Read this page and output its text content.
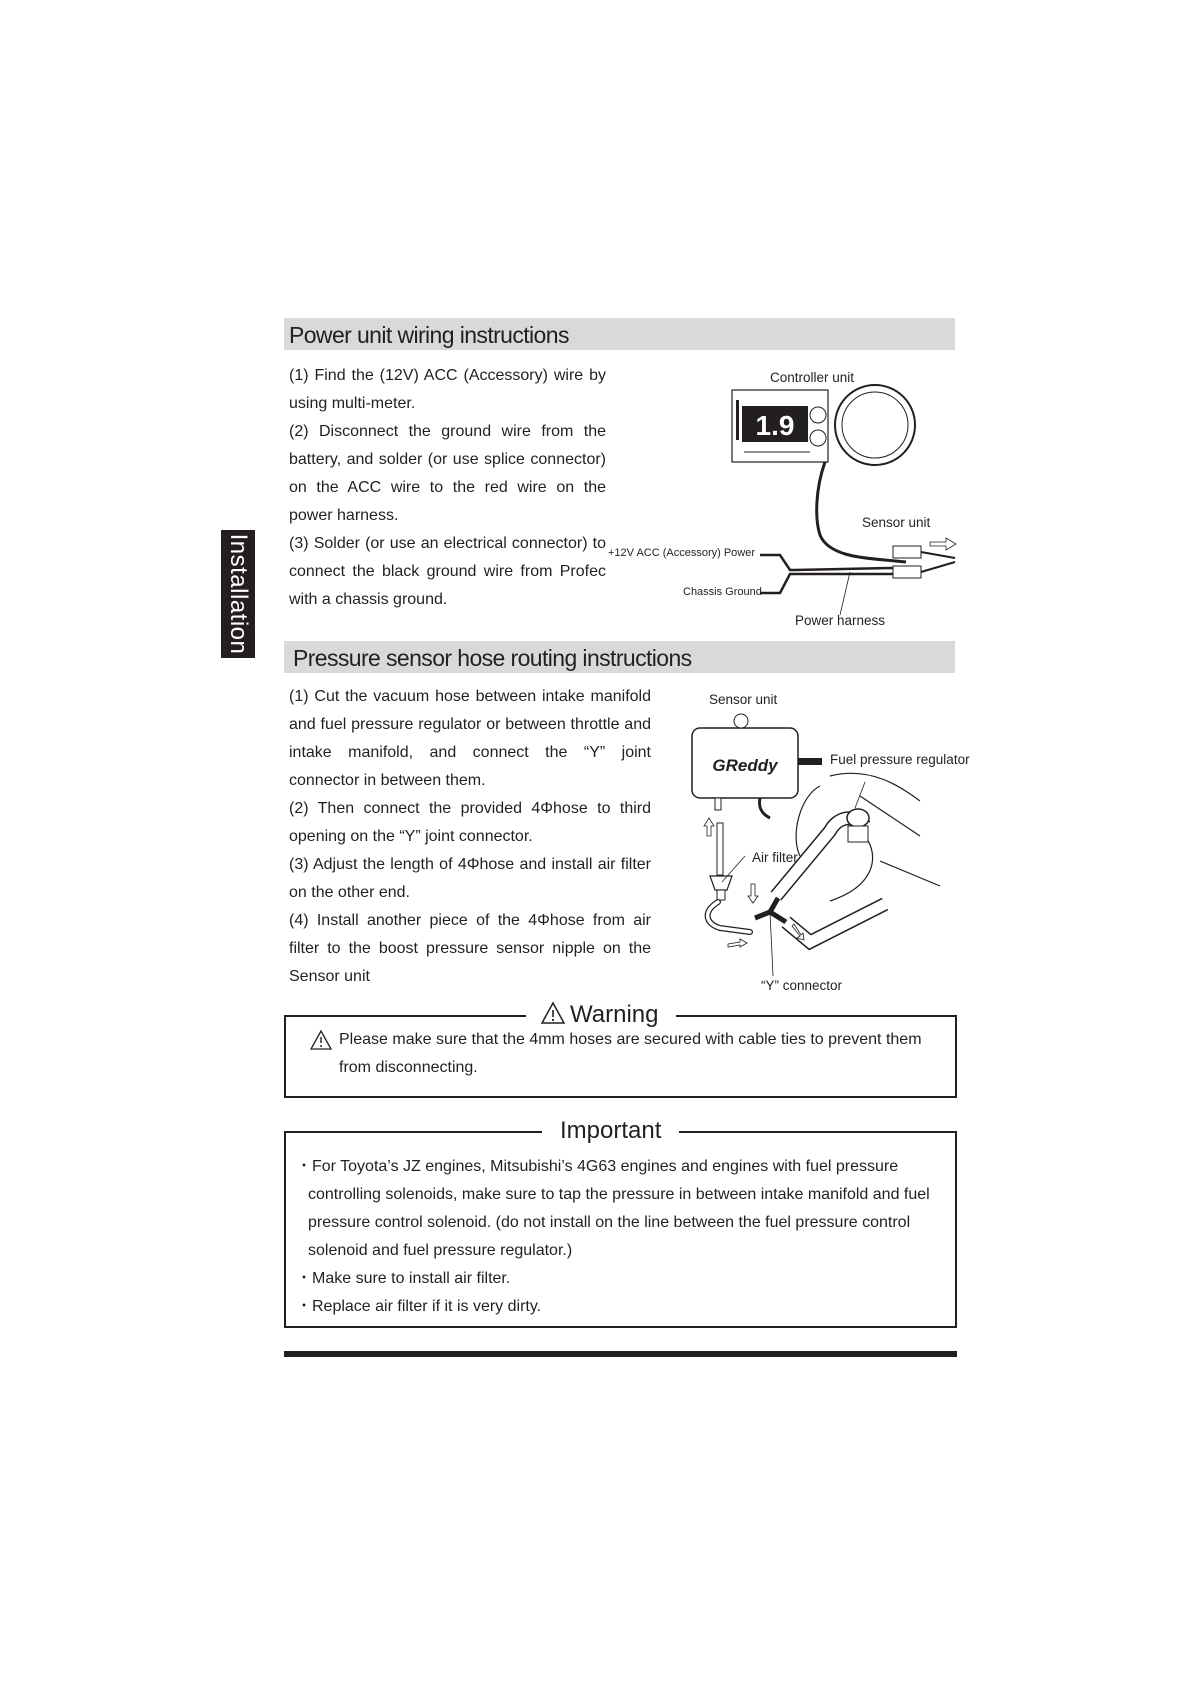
Installation
Power unit wiring instructions

(1) Find the (12V) ACC (Accessory) wire by using multi-meter.

(2) Disconnect the ground wire from the battery, and solder (or use splice connector) on the ACC wire to the red wire on the power harness.

(3) Solder (or use an electrical connector) to connect the black ground wire from Profec with a chassis ground.

1.9
Controller unit
Sensor unit
+12V ACC (Accessory) Power
Chassis Ground
Power harness
Pressure sensor hose routing instructions

(1) Cut the vacuum hose between intake manifold and fuel pressure regulator or between throttle and intake manifold, and connect the “Y” joint connector in between them.

(2) Then connect the provided 4Φhose to third opening on the “Y” joint connector.

(3) Adjust the length of 4Φhose and install air filter on the other end.

(4) Install another piece of the 4Φhose from air filter to the boost pressure sensor nipple on the Sensor unit

GReddy
Sensor unit
Fuel pressure regulator
Air filter
“Y” connector
Warning

Please make sure that the 4mm hoses are secured with cable ties to prevent them from disconnecting.

Important

・For Toyota’s JZ engines, Mitsubishi’s 4G63 engines and engines with fuel pressure controlling solenoids, make sure to tap the pressure in between intake manifold and fuel pressure control solenoid. (do not install on the line between the fuel pressure control solenoid and fuel pressure regulator.)

・Make sure to install air filter.

・Replace air filter if it is very dirty.
